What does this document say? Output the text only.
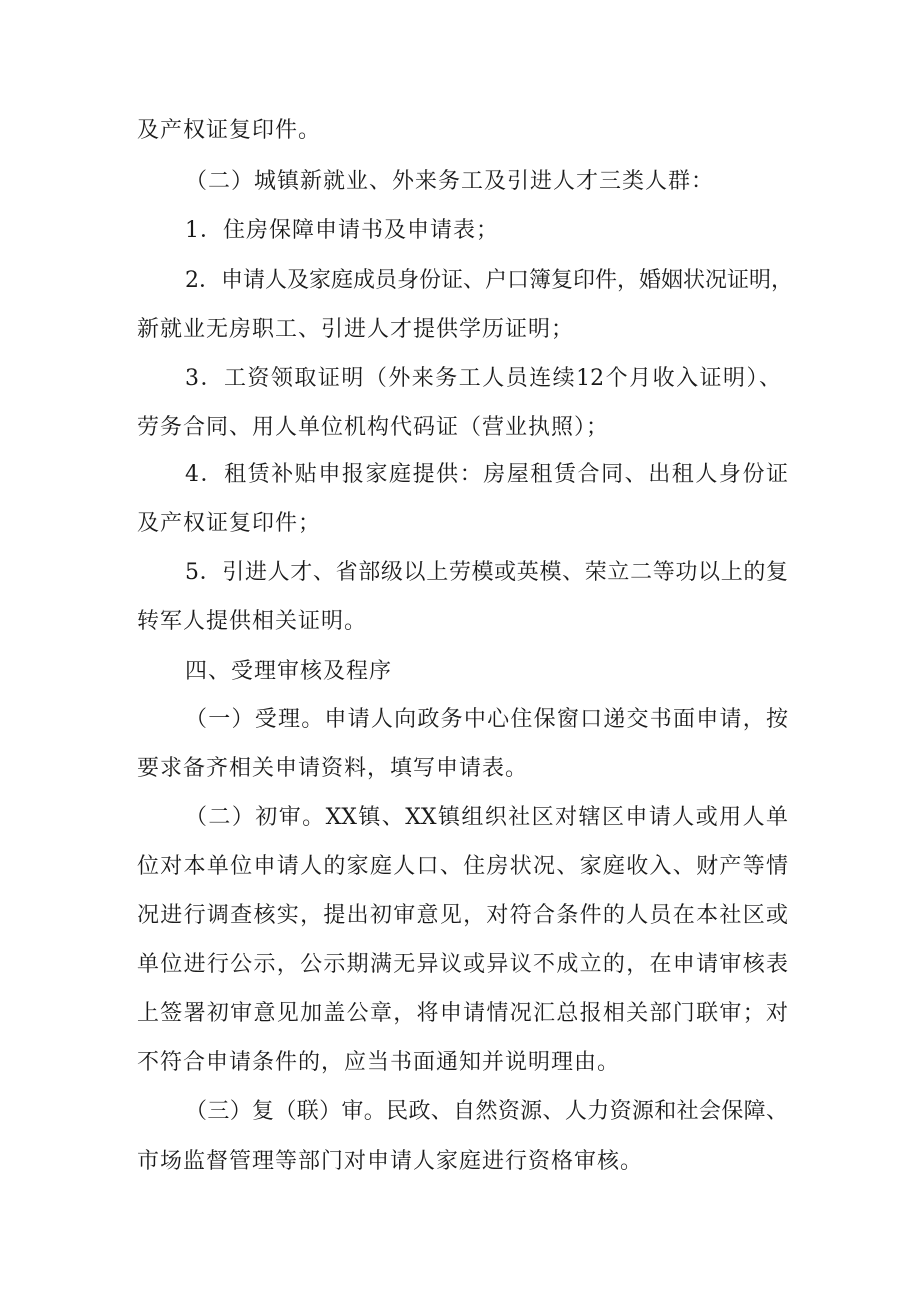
及产权证复印件。
（二）城镇新就业、外来务工及引进人才三类人群：
1．住房保障申请书及申请表；
2．申请人及家庭成员身份证、户口簿复印件，婚姻状况证明，
新就业无房职工、引进人才提供学历证明；
3．工资领取证明（外来务工人员连续12个月收入证明）、
劳务合同、用人单位机构代码证（营业执照）；
4．租赁补贴申报家庭提供：房屋租赁合同、出租人身份证
及产权证复印件；
5．引进人才、省部级以上劳模或英模、荣立二等功以上的复
转军人提供相关证明。
四、受理审核及程序
（一）受理。申请人向政务中心住保窗口递交书面申请，按
要求备齐相关申请资料，填写申请表。
（二）初审。XX镇、XX镇组织社区对辖区申请人或用人单
位对本单位申请人的家庭人口、住房状况、家庭收入、财产等情
况进行调查核实，提出初审意见，对符合条件的人员在本社区或
单位进行公示，公示期满无异议或异议不成立的，在申请审核表
上签署初审意见加盖公章，将申请情况汇总报相关部门联审；对
不符合申请条件的，应当书面通知并说明理由。
（三）复（联）审。民政、自然资源、人力资源和社会保障、
市场监督管理等部门对申请人家庭进行资格审核。
